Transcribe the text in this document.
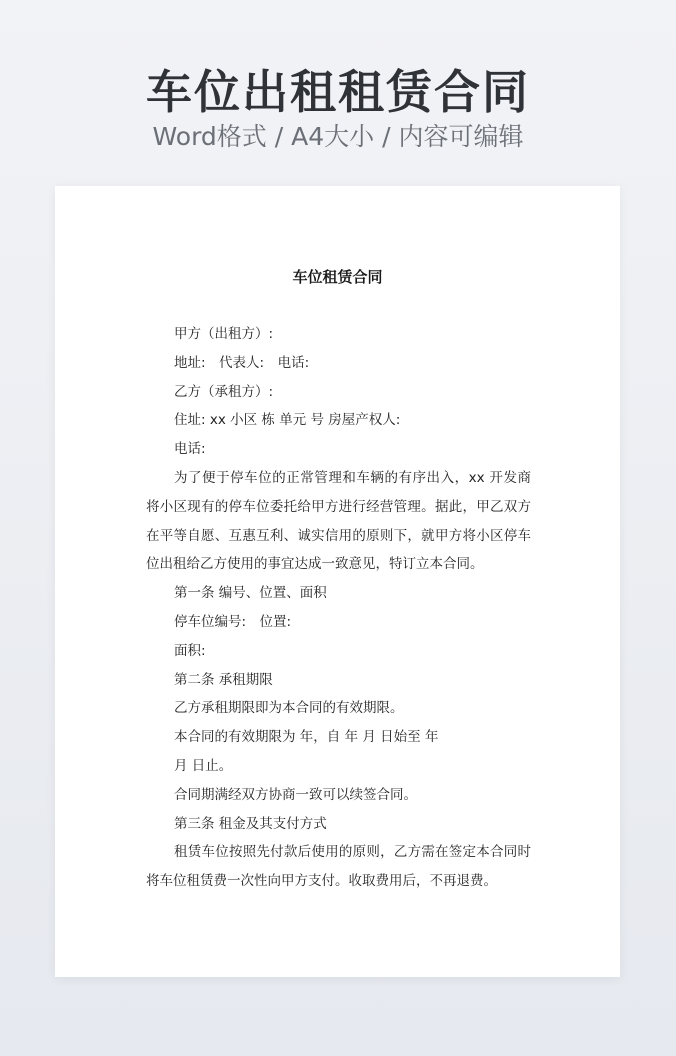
车位出租租赁合同
Word格式 / A4大小 / 内容可编辑
车位租赁合同
甲方（出租方）:
地址:　代表人:　电话:
乙方（承租方）:
住址: xx 小区 栋 单元 号 房屋产权人:
电话:
为了便于停车位的正常管理和车辆的有序出入，xx 开发商将小区现有的停车位委托给甲方进行经营管理。据此，甲乙双方在平等自愿、互惠互利、诚实信用的原则下，就甲方将小区停车位出租给乙方使用的事宜达成一致意见，特订立本合同。
第一条 编号、位置、面积
停车位编号:　位置:
面积:
第二条 承租期限
乙方承租期限即为本合同的有效期限。
本合同的有效期限为 年，自 年 月 日始至 年
月 日止。
合同期满经双方协商一致可以续签合同。
第三条 租金及其支付方式
租赁车位按照先付款后使用的原则，乙方需在签定本合同时将车位租赁费一次性向甲方支付。收取费用后，不再退费。
